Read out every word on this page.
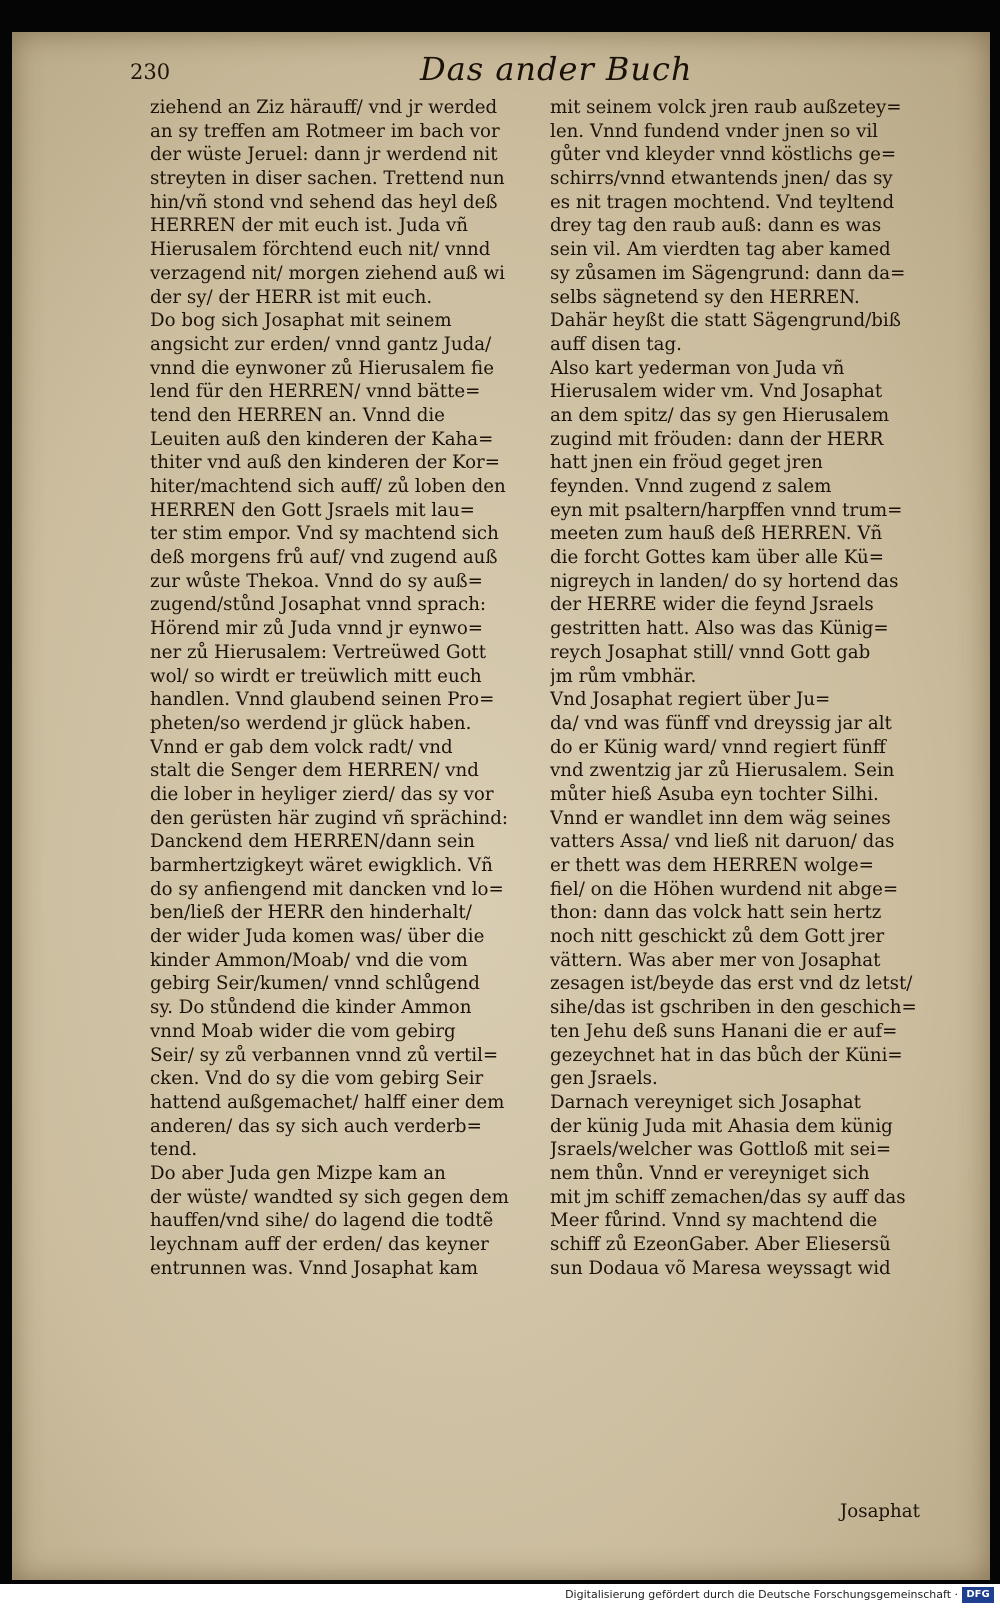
230	Das ander Buch
ziehend an Ziz härauff/ vnd jr werded
an sy treffen am Rotmeer im bach vor
der wüste Jeruel: dann jr werdend nit
streyten in diser sachen. Trettend nun
hin/vñ stond vnd sehend das heyl deß
HERREN der mit euch ist. Juda vñ
Hierusalem förchtend euch nit/ vnnd
verzagend nit/ morgen ziehend auß wi
der sy/ der HERR ist mit euch.
Do bog sich Josaphat mit seinem
angsicht zur erden/ vnnd gantz Juda/
vnnd die eynwoner zů Hierusalem fie
lend für den HERREN/ vnnd bätte=
tend den HERREN an. Vnnd die
Leuiten auß den kinderen der Kaha=
thiter vnd auß den kinderen der Kor=
hiter/machtend sich auff/ zů loben den
HERREN den Gott Jsraels mit lau=
ter stim empor. Vnd sy machtend sich
deß morgens frů auf/ vnd zugend auß
zur wůste Thekoa. Vnnd do sy auß=
zugend/stůnd Josaphat vnnd sprach:
Hörend mir zů Juda vnnd jr eynwo=
ner zů Hierusalem: Vertreüwed Gott
wol/ so wirdt er treüwlich mitt euch
handlen. Vnnd glaubend seinen Pro=
pheten/so werdend jr glück haben.
Vnnd er gab dem volck radt/ vnd
stalt die Senger dem HERREN/ vnd
die lober in heyliger zierd/ das sy vor
den gerüsten här zugind vñ sprächind:
Danckend dem HERREN/dann sein
barmhertzigkeyt wäret ewigklich. Vñ
do sy anfiengend mit dancken vnd lo=
ben/ließ der HERR den hinderhalt/
der wider Juda komen was/ über die
kinder Ammon/Moab/ vnd die vom
gebirg Seir/kumen/ vnnd schlůgend
sy. Do stůndend die kinder Ammon
vnnd Moab wider die vom gebirg
Seir/ sy zů verbannen vnnd zů vertil=
cken. Vnd do sy die vom gebirg Seir
hattend außgemachet/ halff einer dem
anderen/ das sy sich auch verderb=
tend.
Do aber Juda gen Mizpe kam an
der wüste/ wandted sy sich gegen dem
hauffen/vnd sihe/ do lagend die todtẽ
leychnam auff der erden/ das keyner
entrunnen was. Vnnd Josaphat kam
mit seinem volck jren raub außzetey=
len. Vnnd fundend vnder jnen so vil
gůter vnd kleyder vnnd köstlichs ge=
schirrs/vnnd etwantends jnen/ das sy
es nit tragen mochtend. Vnd teyltend
drey tag den raub auß: dann es was
sein vil. Am vierdten tag aber kamed
sy zůsamen im Sägengrund: dann da=
selbs sägnetend sy den HERREN.
Dahär heyßt die statt Sägengrund/biß
auff disen tag.
Also kart yederman von Juda vñ
Hierusalem wider vm. Vnd Josaphat
an dem spitz/ das sy gen Hierusalem
zugind mit fröuden: dann der HERR
hatt jnen ein fröud geget jren
feynden. Vnnd zugend z salem
eyn mit psaltern/harpffen vnnd trum=
meeten zum hauß deß HERREN. Vñ
die forcht Gottes kam über alle Kü=
nigreych in landen/ do sy hortend das
der HERRE wider die feynd Jsraels
gestritten hatt. Also was das Künig=
reych Josaphat still/ vnnd Gott gab
jm rům vmbhär.
Vnd Josaphat regiert über Ju=
da/ vnd was fünff vnd dreyssig jar alt
do er Künig ward/ vnnd regiert fünff
vnd zwentzig jar zů Hierusalem. Sein
můter hieß Asuba eyn tochter Silhi.
Vnnd er wandlet inn dem wäg seines
vatters Assa/ vnd ließ nit daruon/ das
er thett was dem HERREN wolge=
fiel/ on die Höhen wurdend nit abge=
thon: dann das volck hatt sein hertz
noch nitt geschickt zů dem Gott jrer
vättern. Was aber mer von Josaphat
zesagen ist/beyde das erst vnd dz letst/
sihe/das ist gschriben in den geschich=
ten Jehu deß suns Hanani die er auf=
gezeychnet hat in das bůch der Küni=
gen Jsraels.
Darnach vereyniget sich Josaphat
der künig Juda mit Ahasia dem künig
Jsraels/welcher was Gottloß mit sei=
nem thůn. Vnnd er vereyniget sich
mit jm schiff zemachen/das sy auff das
Meer fůrind. Vnnd sy machtend die
schiff zů EzeonGaber. Aber Eliesersũ
sun Dodaua võ Maresa weyssagt wid
Josaphat
Digitalisierung gefördert durch die Deutsche Forschungsgemeinschaft · DFG
